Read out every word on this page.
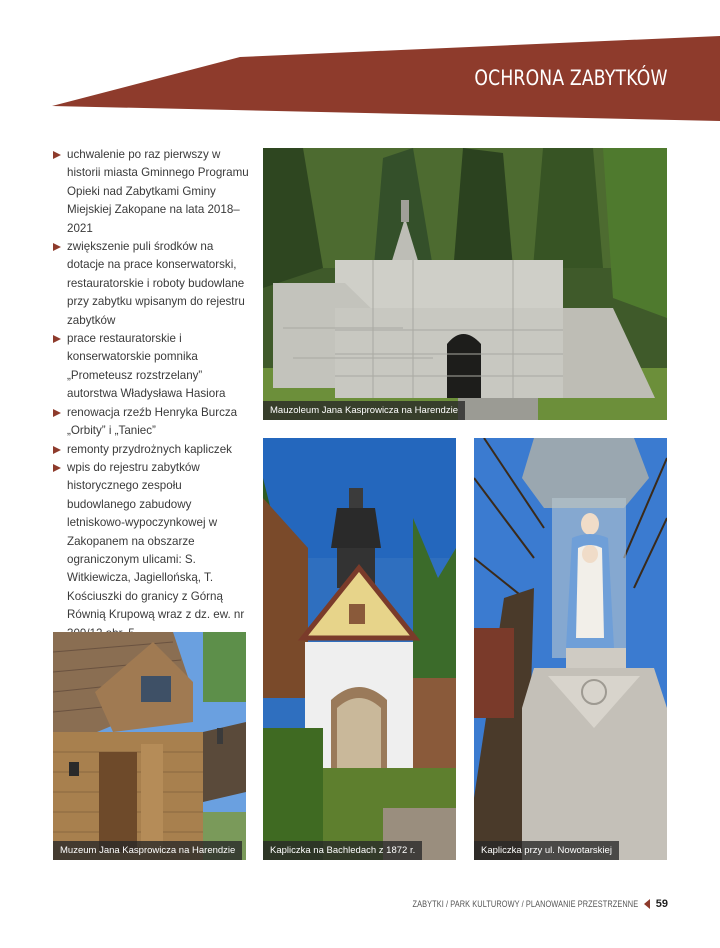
OCHRONA ZABYTKÓW
uchwalenie po raz pierwszy w historii miasta Gminnego Programu Opieki nad Zabytkami Gminy Miejskiej Zakopane na lata 2018–2021
zwiększenie puli środków na dotacje na prace konserwatorski, restauratorskie i roboty budowlane przy zabytku wpisanym do rejestru zabytków
prace restauratorskie i konserwatorskie pomnika „Prometeusz rozstrzelany” autorstwa Władysława Hasiora
renowacja rzeźb Henryka Burcza „Orbity” i „Taniec”
remonty przydrożnych kapliczek
wpis do rejestru zabytków historycznego zespołu budowlanego zabudowy letniskowo-wypoczynkowej w Zakopanem na obszarze ograniczonym ulicami: S. Witkiewicza, Jagiellońską, T. Kościuszki do granicy z Górną Równią Krupową wraz z dz. ew. nr
Mauzoleum Jana Kasprowicza na Harendzie
Kapliczka na Bachledach z 1872 r.	Kapliczka przy ul. Nowotarskiej
Muzeum Jana Kasprowicza na Harendzie
ZABYTKI / PARK KULTUROWY / PLANOWANIE PRZESTRZENNE 59
